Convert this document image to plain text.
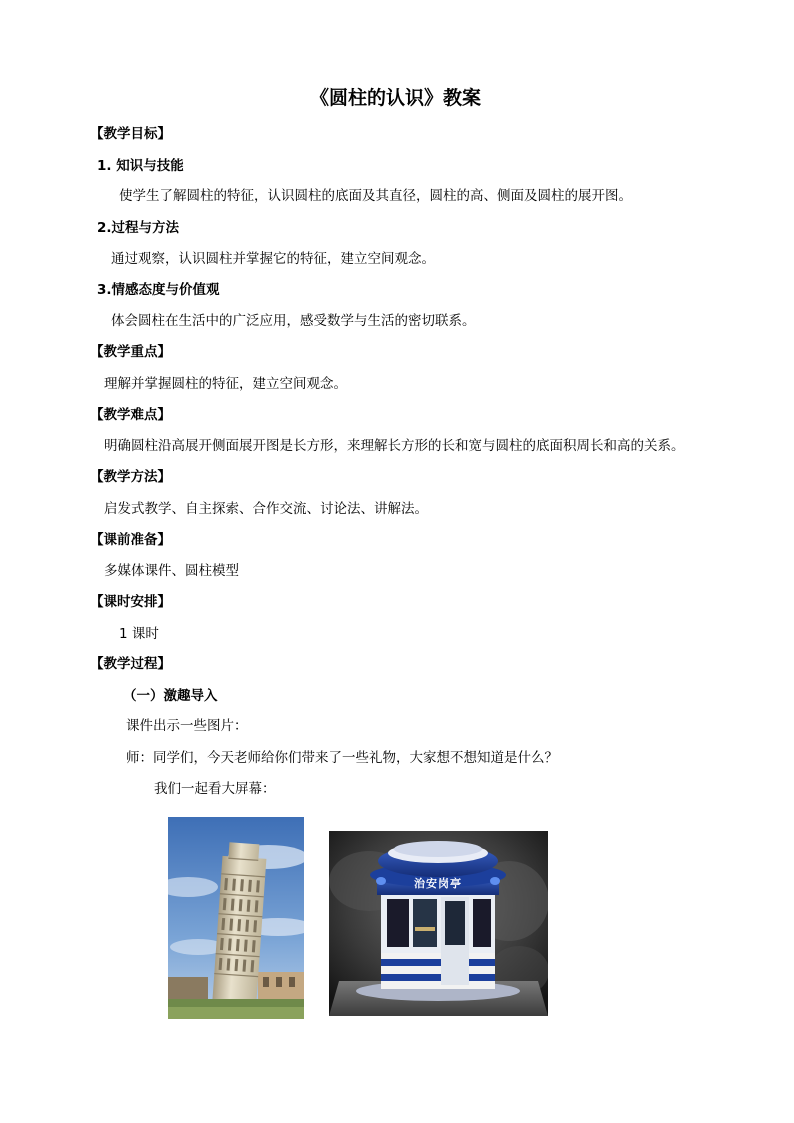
《圆柱的认识》教案
【教学目标】
1. 知识与技能
使学生了解圆柱的特征，认识圆柱的底面及其直径，圆柱的高、侧面及圆柱的展开图。
2.过程与方法
通过观察，认识圆柱并掌握它的特征，建立空间观念。
3.情感态度与价值观
体会圆柱在生活中的广泛应用，感受数学与生活的密切联系。
【教学重点】
理解并掌握圆柱的特征，建立空间观念。
【教学难点】
明确圆柱沿高展开侧面展开图是长方形，来理解长方形的长和宽与圆柱的底面积周长和高的关系。
【教学方法】
启发式教学、自主探索、合作交流、讨论法、讲解法。
【课前准备】
多媒体课件、圆柱模型
【课时安排】
1 课时
【教学过程】
（一）激趣导入
课件出示一些图片：
师：同学们，今天老师给你们带来了一些礼物，大家想不想知道是什么？
我们一起看大屏幕：
治安岗亭
